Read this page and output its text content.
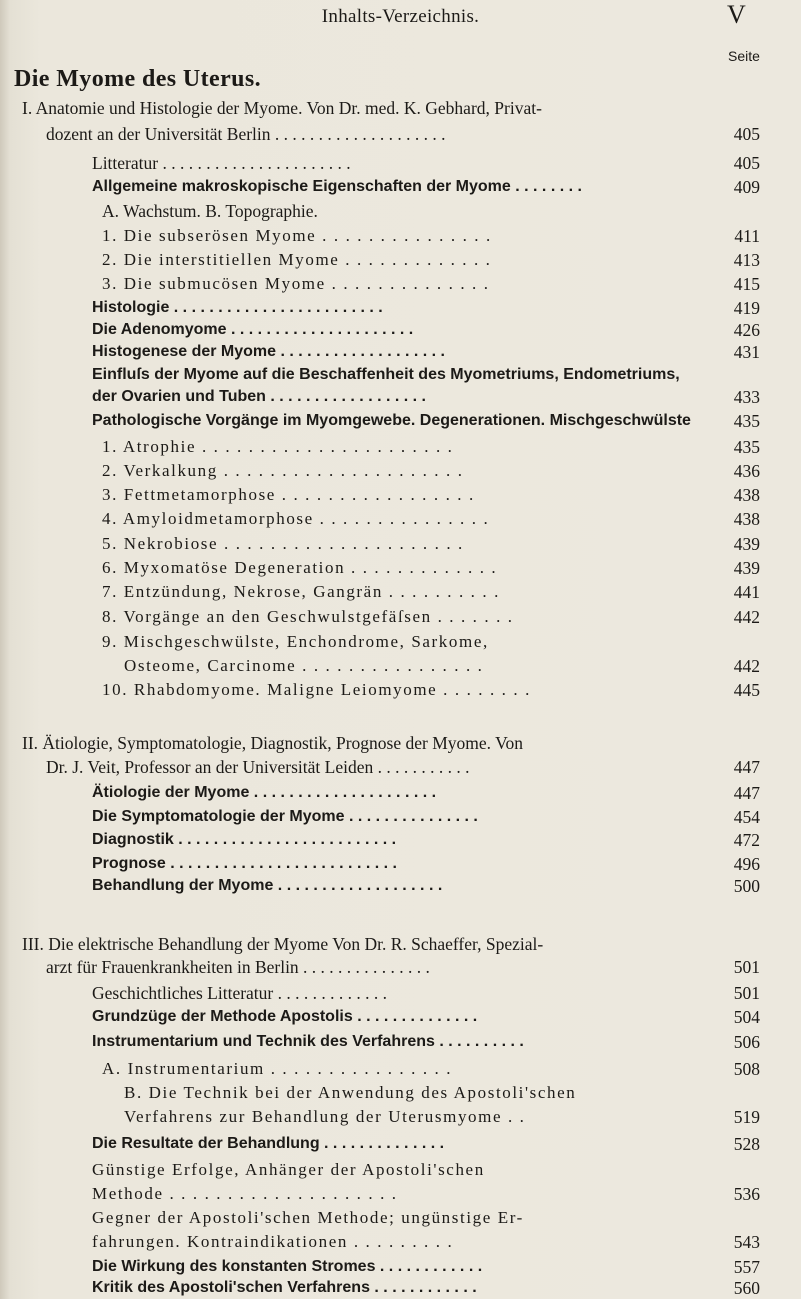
Inhalts-Verzeichnis.	V
Seite
Die Myome des Uterus.
I. Anatomie und Histologie der Myome. Von Dr. med. K. Gebhard, Privat-
dozent an der Universität Berlin . . . . . . . . . . . . . . . . . . . .	405
Litteratur . . . . . . . . . . . . . . . . . . . . . .	405
Allgemeine makroskopische Eigenschaften der Myome . . . . . . . .	409
A. Wachstum. B. Topographie.
1. Die subserösen Myome . . . . . . . . . . . . . . .	411
2. Die interstitiellen Myome . . . . . . . . . . . . .	413
3. Die submucösen Myome . . . . . . . . . . . . . .	415
Histologie . . . . . . . . . . . . . . . . . . . . . . . .	419
Die Adenomyome . . . . . . . . . . . . . . . . . . . . .	426
Histogenese der Myome . . . . . . . . . . . . . . . . . . .	431
Einfluſs der Myome auf die Beschaffenheit des Myometriums, Endometriums,
der Ovarien und Tuben . . . . . . . . . . . . . . . . . .	433
Pathologische Vorgänge im Myomgewebe. Degenerationen. Mischgeschwülste	435
1. Atrophie . . . . . . . . . . . . . . . . . . . . . .	435
2. Verkalkung . . . . . . . . . . . . . . . . . . . . .	436
3. Fettmetamorphose . . . . . . . . . . . . . . . . .	438
4. Amyloidmetamorphose . . . . . . . . . . . . . . .	438
5. Nekrobiose . . . . . . . . . . . . . . . . . . . . .	439
6. Myxomatöse Degeneration . . . . . . . . . . . . .	439
7. Entzündung, Nekrose, Gangrän . . . . . . . . . .	441
8. Vorgänge an den Geschwulstgefäſsen . . . . . . .	442
9. Mischgeschwülste, Enchondrome, Sarkome,
Osteome, Carcinome . . . . . . . . . . . . . . . .	442
10. Rhabdomyome. Maligne Leiomyome . . . . . . . .	445
II. Ätiologie, Symptomatologie, Diagnostik, Prognose der Myome. Von
Dr. J. Veit, Professor an der Universität Leiden . . . . . . . . . . .	447
Ätiologie der Myome . . . . . . . . . . . . . . . . . . . . .	447
Die Symptomatologie der Myome . . . . . . . . . . . . . . .	454
Diagnostik . . . . . . . . . . . . . . . . . . . . . . . . .	472
Prognose . . . . . . . . . . . . . . . . . . . . . . . . . .	496
Behandlung der Myome . . . . . . . . . . . . . . . . . . .	500
III. Die elektrische Behandlung der Myome Von Dr. R. Schaeffer, Spezial-
arzt für Frauenkrankheiten in Berlin . . . . . . . . . . . . . . .	501
Geschichtliches Litteratur . . . . . . . . . . . . .	501
Grundzüge der Methode Apostolis . . . . . . . . . . . . . .	504
Instrumentarium und Technik des Verfahrens . . . . . . . . . .	506
A. Instrumentarium . . . . . . . . . . . . . . . .	508
B. Die Technik bei der Anwendung des Apostoli'schen
Verfahrens zur Behandlung der Uterusmyome . .	519
Die Resultate der Behandlung . . . . . . . . . . . . . .	528
Günstige Erfolge, Anhänger der Apostoli'schen
Methode . . . . . . . . . . . . . . . . . . . .	536
Gegner der Apostoli'schen Methode; ungünstige Er-
fahrungen. Kontraindikationen . . . . . . . . .	543
Die Wirkung des konstanten Stromes . . . . . . . . . . . .	557
Kritik des Apostoli'schen Verfahrens . . . . . . . . . . . .	560
